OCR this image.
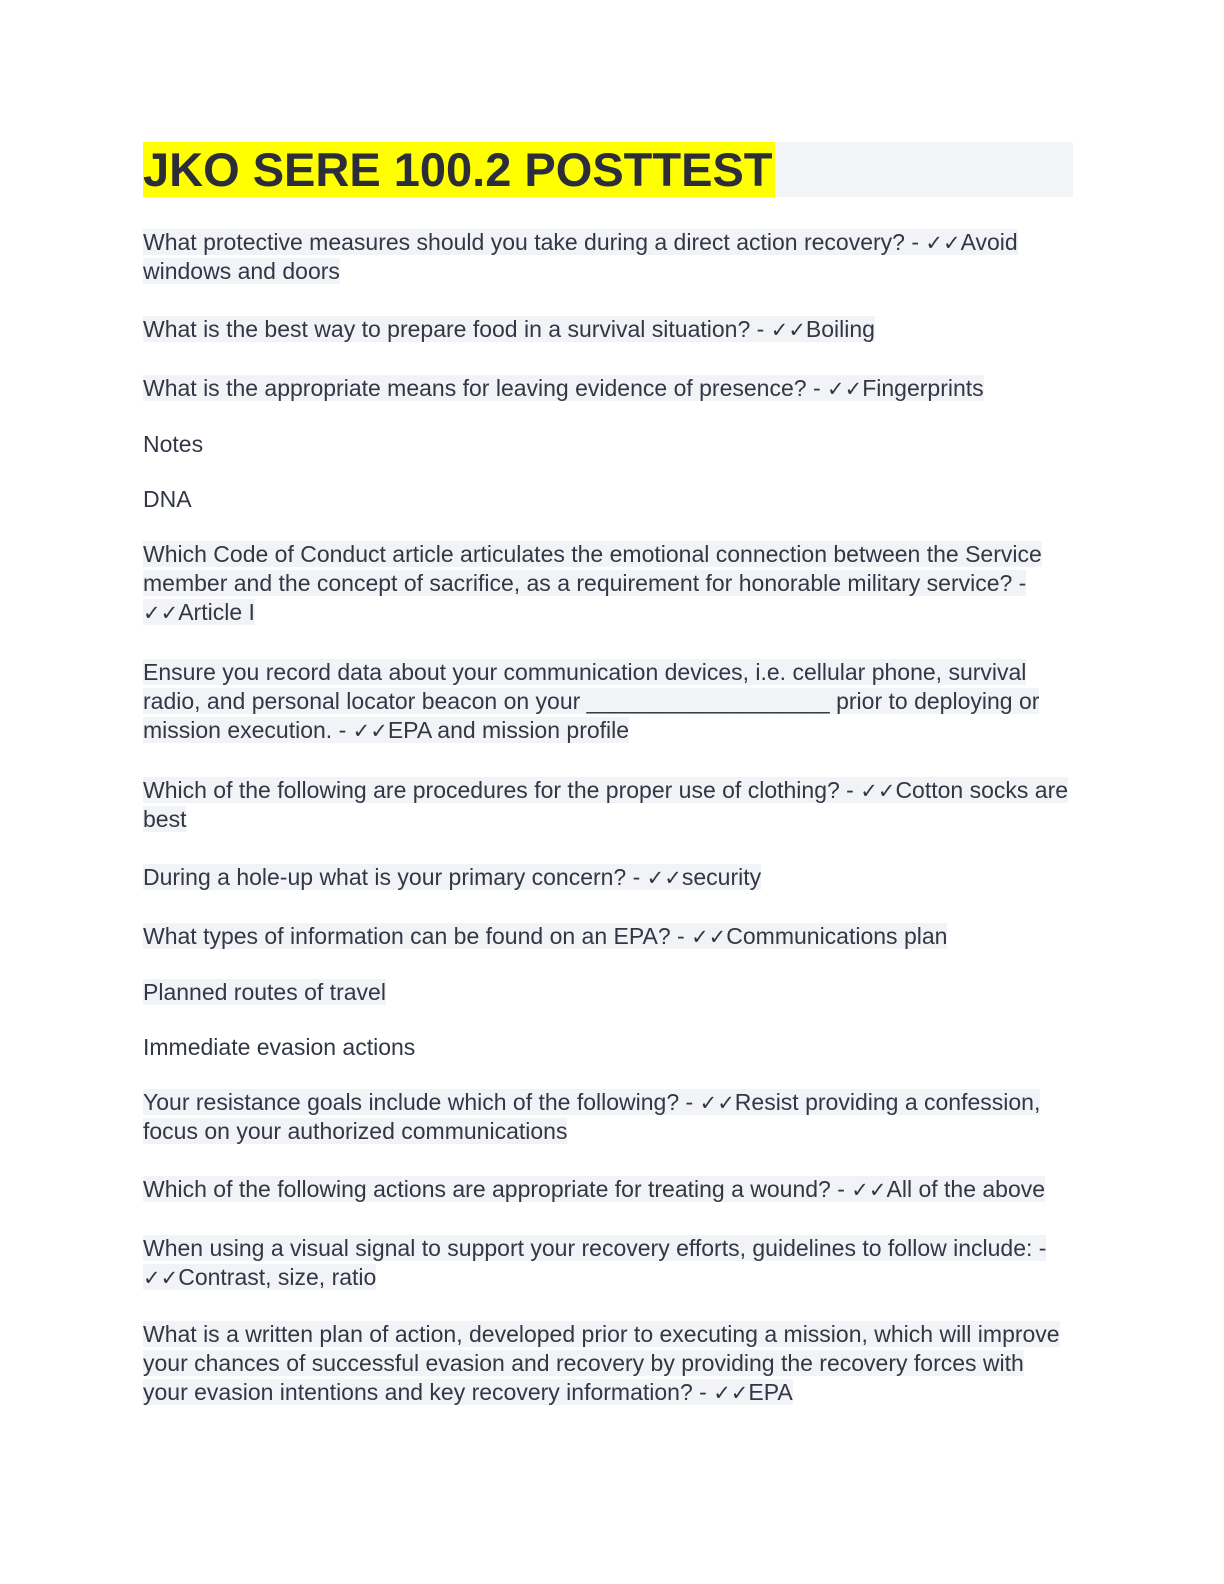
JKO SERE 100.2 POSTTEST

What protective measures should you take during a direct action recovery? - ✓✓Avoid windows and doors

What is the best way to prepare food in a survival situation? - ✓✓Boiling

What is the appropriate means for leaving evidence of presence? - ✓✓Fingerprints

Notes

DNA

Which Code of Conduct article articulates the emotional connection between the Service member and the concept of sacrifice, as a requirement for honorable military service? - ✓✓Article I

Ensure you record data about your communication devices, i.e. cellular phone, survival radio, and personal locator beacon on your ___________________ prior to deploying or mission execution. - ✓✓EPA and mission profile

Which of the following are procedures for the proper use of clothing? - ✓✓Cotton socks are best

During a hole-up what is your primary concern? - ✓✓security

What types of information can be found on an EPA? - ✓✓Communications plan

Planned routes of travel

Immediate evasion actions

Your resistance goals include which of the following? - ✓✓Resist providing a confession, focus on your authorized communications

Which of the following actions are appropriate for treating a wound? - ✓✓All of the above

When using a visual signal to support your recovery efforts, guidelines to follow include: - ✓✓Contrast, size, ratio

What is a written plan of action, developed prior to executing a mission, which will improve your chances of successful evasion and recovery by providing the recovery forces with your evasion intentions and key recovery information? - ✓✓EPA
